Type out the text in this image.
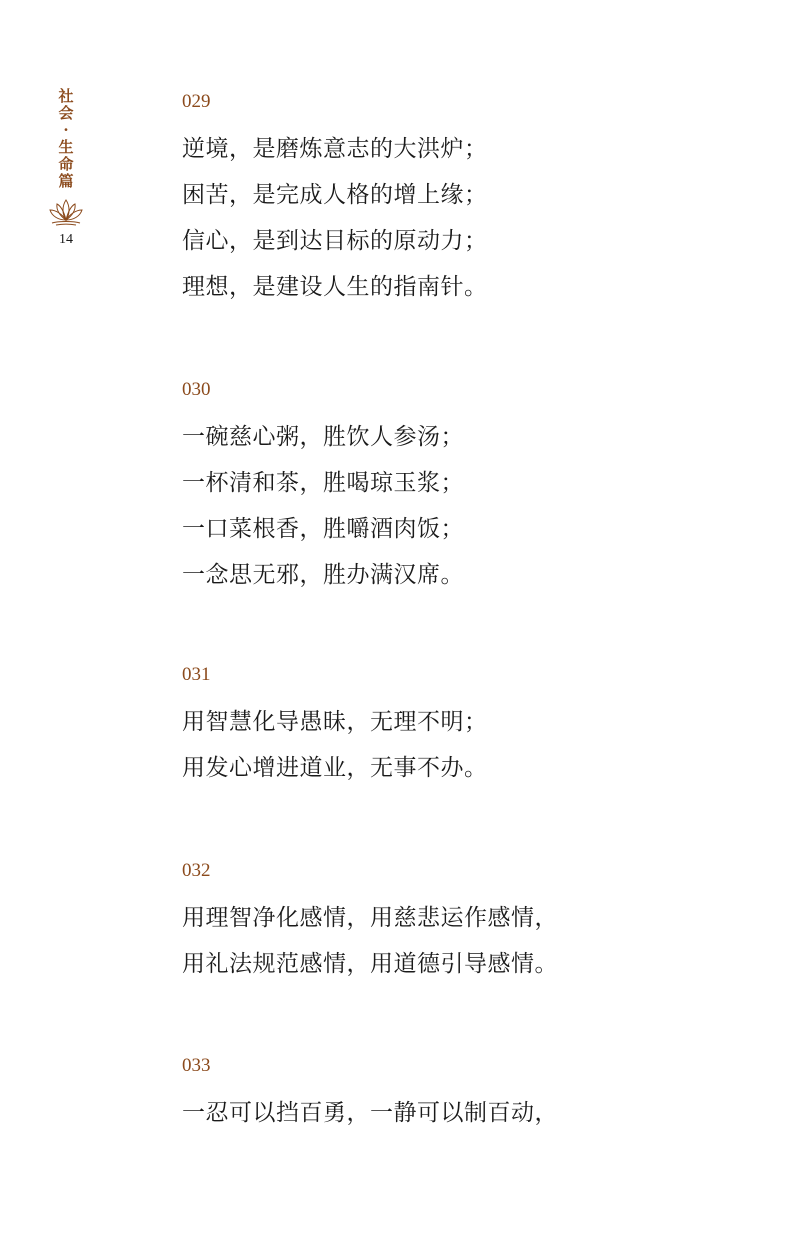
社
会
·
生
命
篇
14
029
逆境，是磨炼意志的大洪炉；
困苦，是完成人格的增上缘；
信心，是到达目标的原动力；
理想，是建设人生的指南针。
030
一碗慈心粥，胜饮人参汤；
一杯清和茶，胜喝琼玉浆；
一口菜根香，胜嚼酒肉饭；
一念思无邪，胜办满汉席。
031
用智慧化导愚昧，无理不明；
用发心增进道业，无事不办。
032
用理智净化感情，用慈悲运作感情，
用礼法规范感情，用道德引导感情。
033
一忍可以挡百勇，一静可以制百动，
